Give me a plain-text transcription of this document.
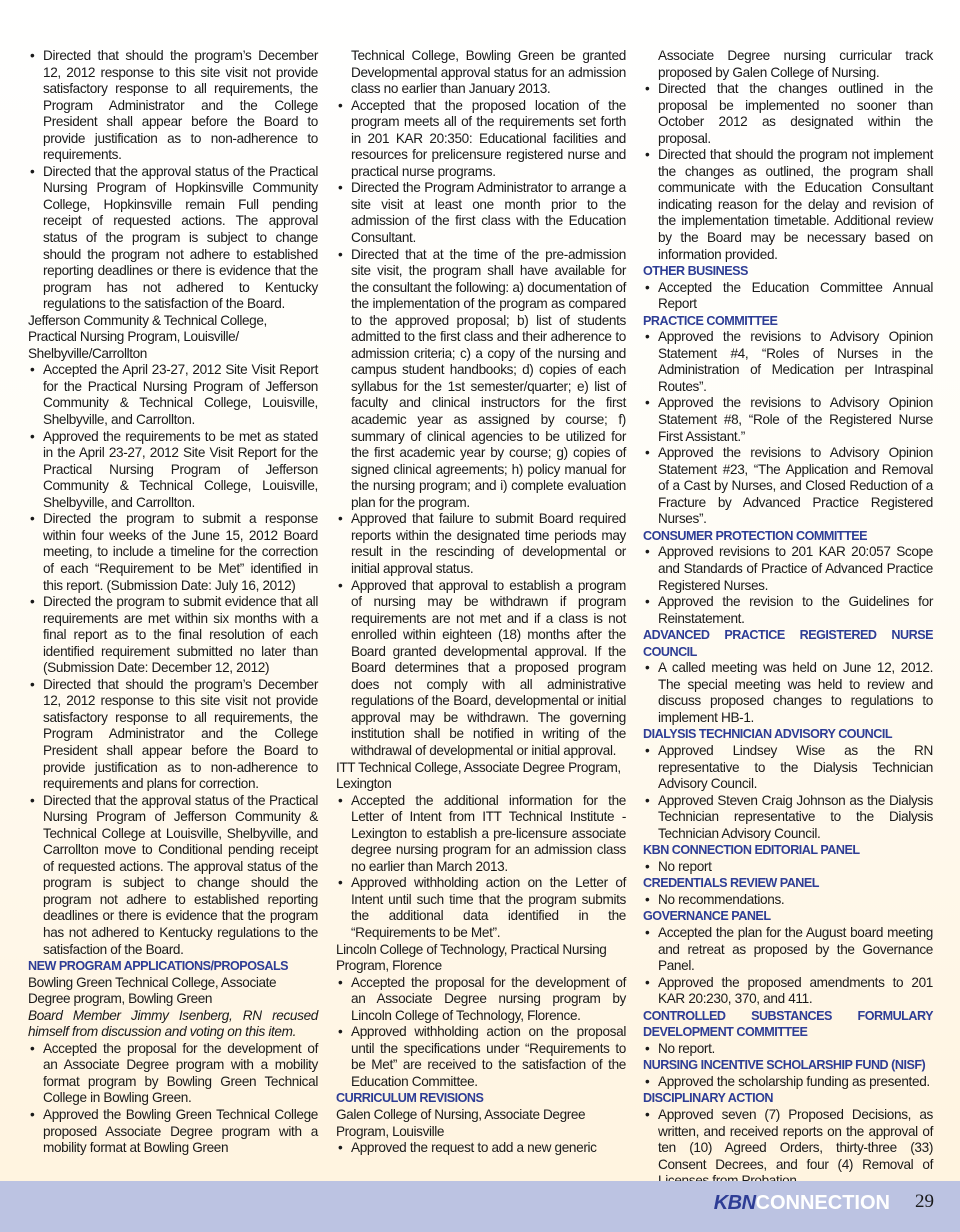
• Directed that should the program’s December 12, 2012 response to this site visit not provide satisfactory response to all requirements, the Program Administrator and the College President shall appear before the Board to provide justification as to non-adherence to requirements.
• Directed that the approval status of the Practical Nursing Program of Hopkinsville Community College, Hopkinsville remain Full pending receipt of requested actions. The approval status of the program is subject to change should the program not adhere to established reporting deadlines or there is evidence that the program has not adhered to Kentucky regulations to the satisfaction of the Board.
Jefferson Community & Technical College, Practical Nursing Program, Louisville/ Shelbyville/Carrollton
• Accepted the April 23-27, 2012 Site Visit Report for the Practical Nursing Program of Jefferson Community & Technical College, Louisville, Shelbyville, and Carrollton.
• Approved the requirements to be met as stated in the April 23-27, 2012 Site Visit Report for the Practical Nursing Program of Jefferson Community & Technical College, Louisville, Shelbyville, and Carrollton.
• Directed the program to submit a response within four weeks of the June 15, 2012 Board meeting, to include a timeline for the correction of each “Requirement to be Met” identified in this report. (Submission Date: July 16, 2012)
• Directed the program to submit evidence that all requirements are met within six months with a final report as to the final resolution of each identified requirement submitted no later than (Submission Date: December 12, 2012)
• Directed that should the program’s December 12, 2012 response to this site visit not provide satisfactory response to all requirements, the Program Administrator and the College President shall appear before the Board to provide justification as to non-adherence to requirements and plans for correction.
• Directed that the approval status of the Practical Nursing Program of Jefferson Community & Technical College at Louisville, Shelbyville, and Carrollton move to Conditional pending receipt of requested actions. The approval status of the program is subject to change should the program not adhere to established reporting deadlines or there is evidence that the program has not adhered to Kentucky regulations to the satisfaction of the Board.
NEW PROGRAM APPLICATIONS/PROPOSALS
Bowling Green Technical College, Associate Degree program, Bowling Green
Board Member Jimmy Isenberg, RN recused himself from discussion and voting on this item.
• Accepted the proposal for the development of an Associate Degree program with a mobility format program by Bowling Green Technical College in Bowling Green.
• Approved the Bowling Green Technical College proposed Associate Degree program with a mobility format at Bowling Green
Technical College, Bowling Green be granted Developmental approval status for an admission class no earlier than January 2013.
• Accepted that the proposed location of the program meets all of the requirements set forth in 201 KAR 20:350: Educational facilities and resources for prelicensure registered nurse and practical nurse programs.
• Directed the Program Administrator to arrange a site visit at least one month prior to the admission of the first class with the Education Consultant.
• Directed that at the time of the pre-admission site visit, the program shall have available for the consultant the following: a) documentation of the implementation of the program as compared to the approved proposal; b) list of students admitted to the first class and their adherence to admission criteria; c) a copy of the nursing and campus student handbooks; d) copies of each syllabus for the 1st semester/quarter; e) list of faculty and clinical instructors for the first academic year as assigned by course; f) summary of clinical agencies to be utilized for the first academic year by course; g) copies of signed clinical agreements; h) policy manual for the nursing program; and i) complete evaluation plan for the program.
• Approved that failure to submit Board required reports within the designated time periods may result in the rescinding of developmental or initial approval status.
• Approved that approval to establish a program of nursing may be withdrawn if program requirements are not met and if a class is not enrolled within eighteen (18) months after the Board granted developmental approval. If the Board determines that a proposed program does not comply with all administrative regulations of the Board, developmental or initial approval may be withdrawn. The governing institution shall be notified in writing of the withdrawal of developmental or initial approval.
ITT Technical College, Associate Degree Program, Lexington
• Accepted the additional information for the Letter of Intent from ITT Technical Institute - Lexington to establish a pre-licensure associate degree nursing program for an admission class no earlier than March 2013.
• Approved withholding action on the Letter of Intent until such time that the program submits the additional data identified in the “Requirements to be Met”.
Lincoln College of Technology, Practical Nursing Program, Florence
• Accepted the proposal for the development of an Associate Degree nursing program by Lincoln College of Technology, Florence.
• Approved withholding action on the proposal until the specifications under “Requirements to be Met” are received to the satisfaction of the Education Committee.
CURRICULUM REVISIONS
Galen College of Nursing, Associate Degree Program, Louisville
• Approved the request to add a new generic
Associate Degree nursing curricular track proposed by Galen College of Nursing.
• Directed that the changes outlined in the proposal be implemented no sooner than October 2012 as designated within the proposal.
• Directed that should the program not implement the changes as outlined, the program shall communicate with the Education Consultant indicating reason for the delay and revision of the implementation timetable. Additional review by the Board may be necessary based on information provided.
OTHER BUSINESS
• Accepted the Education Committee Annual Report
PRACTICE COMMITTEE
• Approved the revisions to Advisory Opinion Statement #4, “Roles of Nurses in the Administration of Medication per Intraspinal Routes”.
• Approved the revisions to Advisory Opinion Statement #8, “Role of the Registered Nurse First Assistant.”
• Approved the revisions to Advisory Opinion Statement #23, “The Application and Removal of a Cast by Nurses, and Closed Reduction of a Fracture by Advanced Practice Registered Nurses”.
CONSUMER PROTECTION COMMITTEE
• Approved revisions to 201 KAR 20:057 Scope and Standards of Practice of Advanced Practice Registered Nurses.
• Approved the revision to the Guidelines for Reinstatement.
ADVANCED PRACTICE REGISTERED NURSE COUNCIL
• A called meeting was held on June 12, 2012. The special meeting was held to review and discuss proposed changes to regulations to implement HB-1.
DIALYSIS TECHNICIAN ADVISORY COUNCIL
• Approved Lindsey Wise as the RN representative to the Dialysis Technician Advisory Council.
• Approved Steven Craig Johnson as the Dialysis Technician representative to the Dialysis Technician Advisory Council.
KBN CONNECTION EDITORIAL PANEL
• No report
CREDENTIALS REVIEW PANEL
• No recommendations.
GOVERNANCE PANEL
• Accepted the plan for the August board meeting and retreat as proposed by the Governance Panel.
• Approved the proposed amendments to 201 KAR 20:230, 370, and 411.
CONTROLLED SUBSTANCES FORMULARY DEVELOPMENT COMMITTEE
• No report.
NURSING INCENTIVE SCHOLARSHIP FUND (NISF)
• Approved the scholarship funding as presented.
DISCIPLINARY ACTION
• Approved seven (7) Proposed Decisions, as written, and received reports on the approval of ten (10) Agreed Orders, thirty-three (33) Consent Decrees, and four (4) Removal of
KBNCONNECTION 29
